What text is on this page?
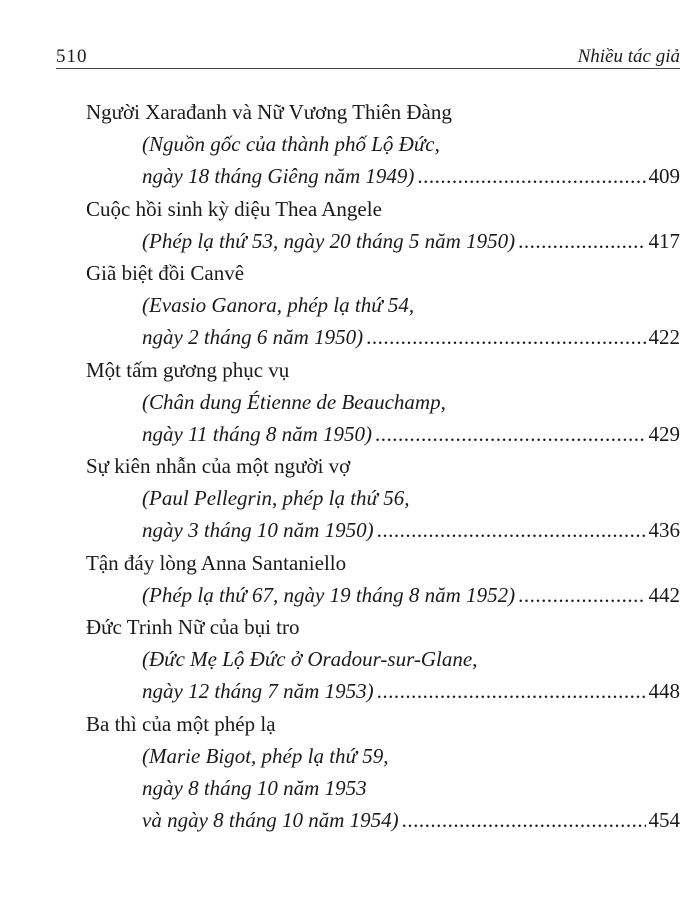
510	Nhiều tác giả
Người Xarađanh và Nữ Vương Thiên Đàng
(Nguồn gốc của thành phố Lộ Đức,
ngày 18 tháng Giêng năm 1949) .....	409
Cuộc hồi sinh kỳ diệu Thea Angele
(Phép lạ thứ 53, ngày 20 tháng 5 năm 1950) .....	417
Giã biệt đồi Canvê
(Evasio Ganora, phép lạ thứ 54,
ngày 2 tháng 6 năm 1950) .....	422
Một tấm gương phục vụ
(Chân dung Étienne de Beauchamp,
ngày 11 tháng 8 năm 1950) .....	429
Sự kiên nhẫn của một người vợ
(Paul Pellegrin, phép lạ thứ 56,
ngày 3 tháng 10 năm 1950) .....	436
Tận đáy lòng Anna Santaniello
(Phép lạ thứ 67, ngày 19 tháng 8 năm 1952) .....	442
Đức Trinh Nữ của bụi tro
(Đức Mẹ Lộ Đức ở Oradour-sur-Glane,
ngày 12 tháng 7 năm 1953) .....	448
Ba thì của một phép lạ
(Marie Bigot, phép lạ thứ 59,
ngày 8 tháng 10 năm 1953
và ngày 8 tháng 10 năm 1954) .....	454
